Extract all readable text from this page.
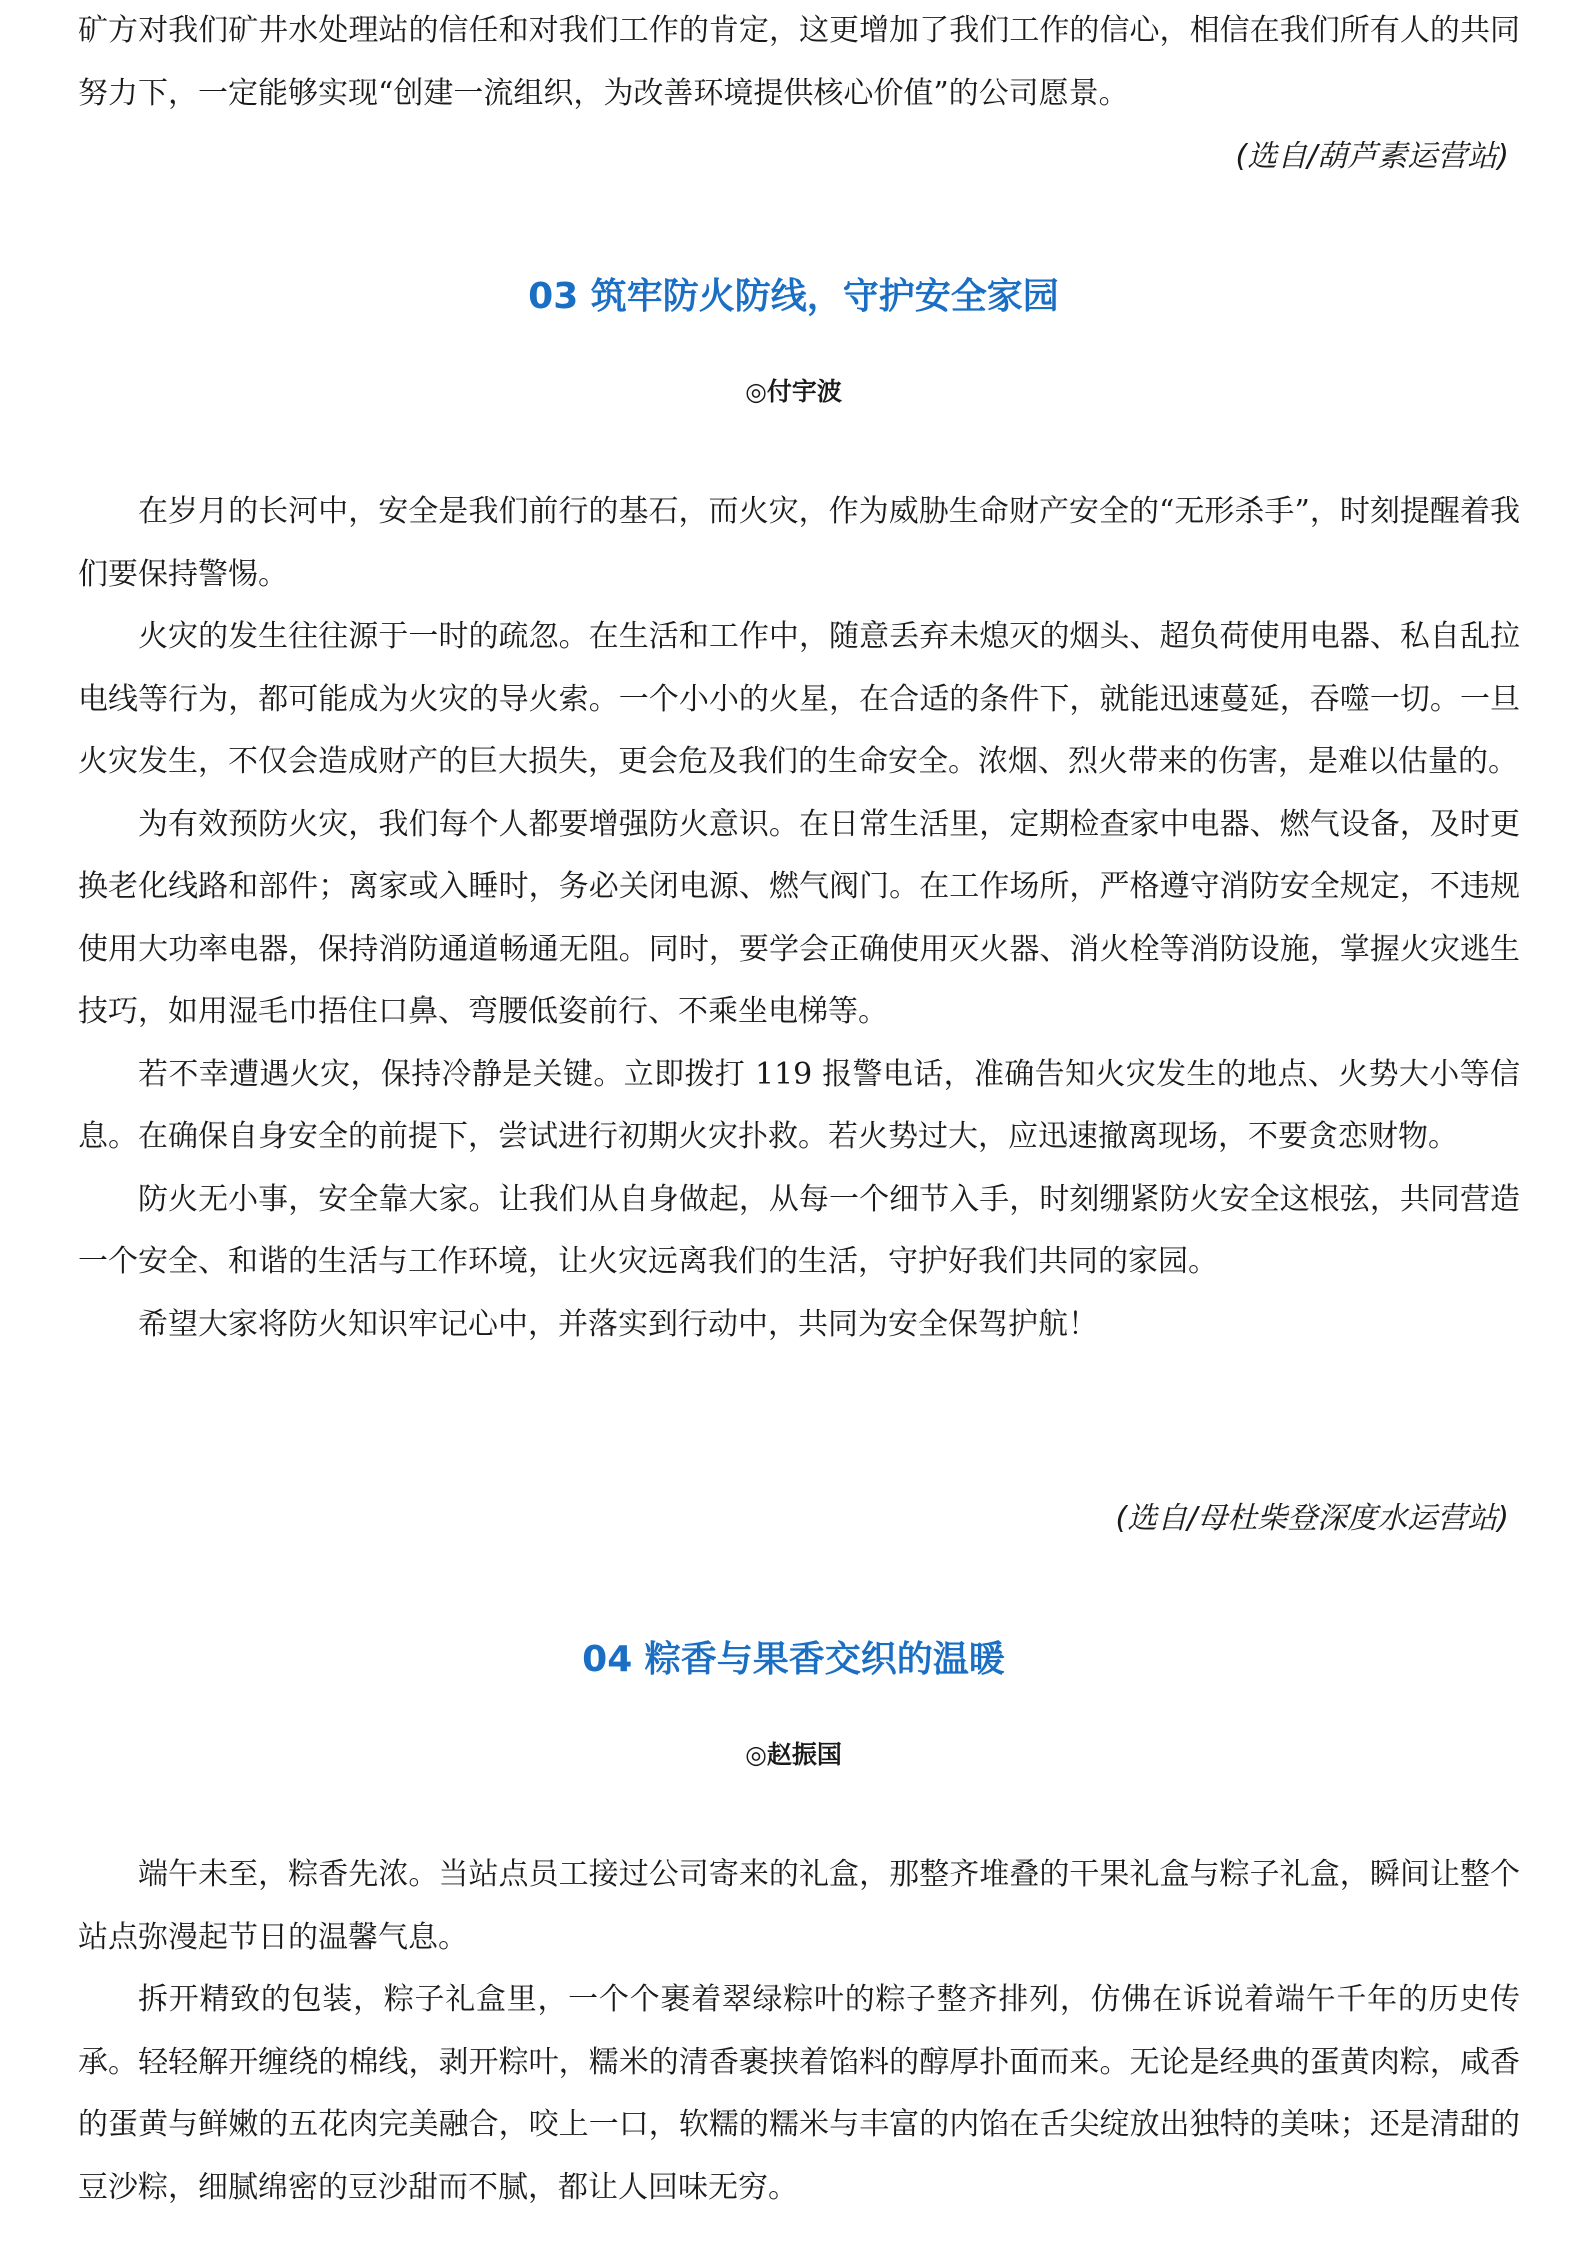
矿方对我们矿井水处理站的信任和对我们工作的肯定，这更增加了我们工作的信心，相信在我们所有人的共同努力下，一定能够实现“创建一流组织，为改善环境提供核心价值”的公司愿景。

(选自/葫芦素运营站)
03 筑牢防火防线，守护安全家园
◎付宇波

在岁月的长河中，安全是我们前行的基石，而火灾，作为威胁生命财产安全的“无形杀手”，时刻提醒着我们要保持警惕。

火灾的发生往往源于一时的疏忽。在生活和工作中，随意丢弃未熄灭的烟头、超负荷使用电器、私自乱拉电线等行为，都可能成为火灾的导火索。一个小小的火星，在合适的条件下，就能迅速蔓延，吞噬一切。一旦火灾发生，不仅会造成财产的巨大损失，更会危及我们的生命安全。浓烟、烈火带来的伤害，是难以估量的。

为有效预防火灾，我们每个人都要增强防火意识。在日常生活里，定期检查家中电器、燃气设备，及时更换老化线路和部件；离家或入睡时，务必关闭电源、燃气阀门。在工作场所，严格遵守消防安全规定，不违规使用大功率电器，保持消防通道畅通无阻。同时，要学会正确使用灭火器、消火栓等消防设施，掌握火灾逃生技巧，如用湿毛巾捂住口鼻、弯腰低姿前行、不乘坐电梯等。

若不幸遭遇火灾，保持冷静是关键。立即拨打 119 报警电话，准确告知火灾发生的地点、火势大小等信息。在确保自身安全的前提下，尝试进行初期火灾扑救。若火势过大，应迅速撤离现场，不要贪恋财物。

防火无小事，安全靠大家。让我们从自身做起，从每一个细节入手，时刻绷紧防火安全这根弦，共同营造一个安全、和谐的生活与工作环境，让火灾远离我们的生活，守护好我们共同的家园。

希望大家将防火知识牢记心中，并落实到行动中，共同为安全保驾护航！

(选自/母杜柴登深度水运营站)
04 粽香与果香交织的温暖
◎赵振国

端午未至，粽香先浓。当站点员工接过公司寄来的礼盒，那整齐堆叠的干果礼盒与粽子礼盒，瞬间让整个站点弥漫起节日的温馨气息。

拆开精致的包装，粽子礼盒里，一个个裹着翠绿粽叶的粽子整齐排列，仿佛在诉说着端午千年的历史传承。轻轻解开缠绕的棉线，剥开粽叶，糯米的清香裹挟着馅料的醇厚扑面而来。无论是经典的蛋黄肉粽，咸香的蛋黄与鲜嫩的五花肉完美融合，咬上一口，软糯的糯米与丰富的内馅在舌尖绽放出独特的美味；还是清甜的豆沙粽，细腻绵密的豆沙甜而不腻，都让人回味无穷。
